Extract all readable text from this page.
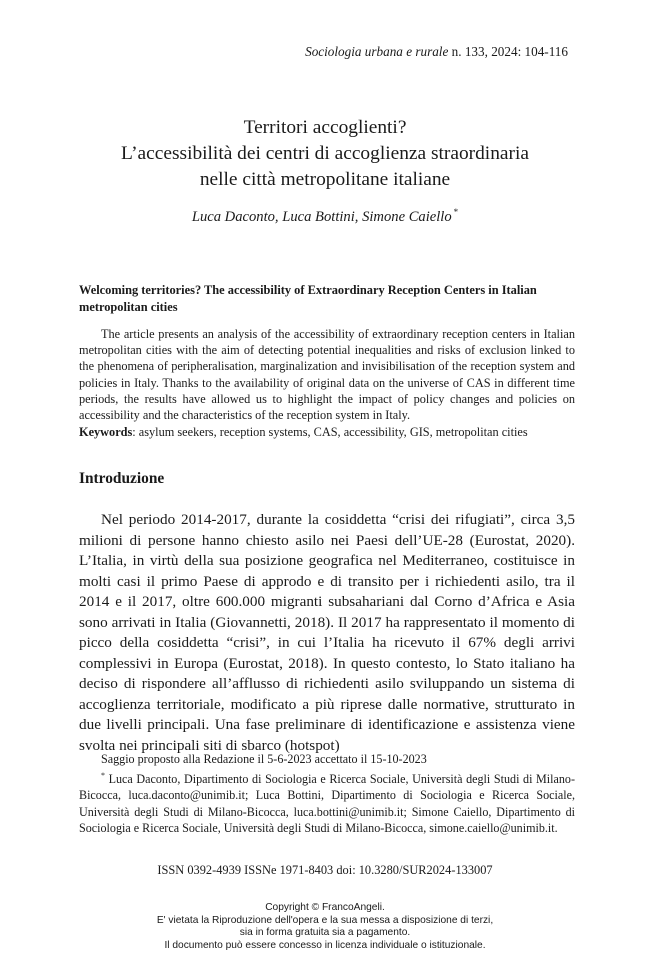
Sociologia urbana e rurale n. 133, 2024: 104-116
Territori accoglienti?
L’accessibilità dei centri di accoglienza straordinaria
nelle città metropolitane italiane
Luca Daconto, Luca Bottini, Simone Caiello *
Welcoming territories? The accessibility of Extraordinary Reception Centers in Italian metropolitan cities

The article presents an analysis of the accessibility of extraordinary reception centers in Italian metropolitan cities with the aim of detecting potential inequalities and risks of exclusion linked to the phenomena of peripheralisation, marginalization and invisibilisation of the reception system and policies in Italy. Thanks to the availability of original data on the universe of CAS in different time periods, the results have allowed us to highlight the impact of policy changes and policies on accessibility and the characteristics of the reception system in Italy.

Keywords: asylum seekers, reception systems, CAS, accessibility, GIS, metropolitan cities
Introduzione

Nel periodo 2014-2017, durante la cosiddetta “crisi dei rifugiati”, circa 3,5 milioni di persone hanno chiesto asilo nei Paesi dell’UE-28 (Eurostat, 2020). L’Italia, in virtù della sua posizione geografica nel Mediterraneo, costituisce in molti casi il primo Paese di approdo e di transito per i richiedenti asilo, tra il 2014 e il 2017, oltre 600.000 migranti subsahariani dal Corno d’Africa e Asia sono arrivati in Italia (Giovannetti, 2018). Il 2017 ha rappresentato il momento di picco della cosiddetta “crisi”, in cui l’Italia ha ricevuto il 67% degli arrivi complessivi in Europa (Eurostat, 2018). In questo contesto, lo Stato italiano ha deciso di rispondere all’afflusso di richiedenti asilo sviluppando un sistema di accoglienza territoriale, modificato a più riprese dalle normative, strutturato in due livelli principali. Una fase preliminare di identificazione e assistenza viene svolta nei principali siti di sbarco (hotspot)

Saggio proposto alla Redazione il 5-6-2023 accettato il 15-10-2023

* Luca Daconto, Dipartimento di Sociologia e Ricerca Sociale, Università degli Studi di Milano-Bicocca, luca.daconto@unimib.it; Luca Bottini, Dipartimento di Sociologia e Ricerca Sociale, Università degli Studi di Milano-Bicocca, luca.bottini@unimib.it; Simone Caiello, Dipartimento di Sociologia e Ricerca Sociale, Università degli Studi di Milano-Bicocca, simone.caiello@unimib.it.

ISSN 0392-4939 ISSNe 1971-8403 doi: 10.3280/SUR2024-133007
Copyright © FrancoAngeli.
E' vietata la Riproduzione dell'opera e la sua messa a disposizione di terzi,
sia in forma gratuita sia a pagamento.
Il documento può essere concesso in licenza individuale o istituzionale.
